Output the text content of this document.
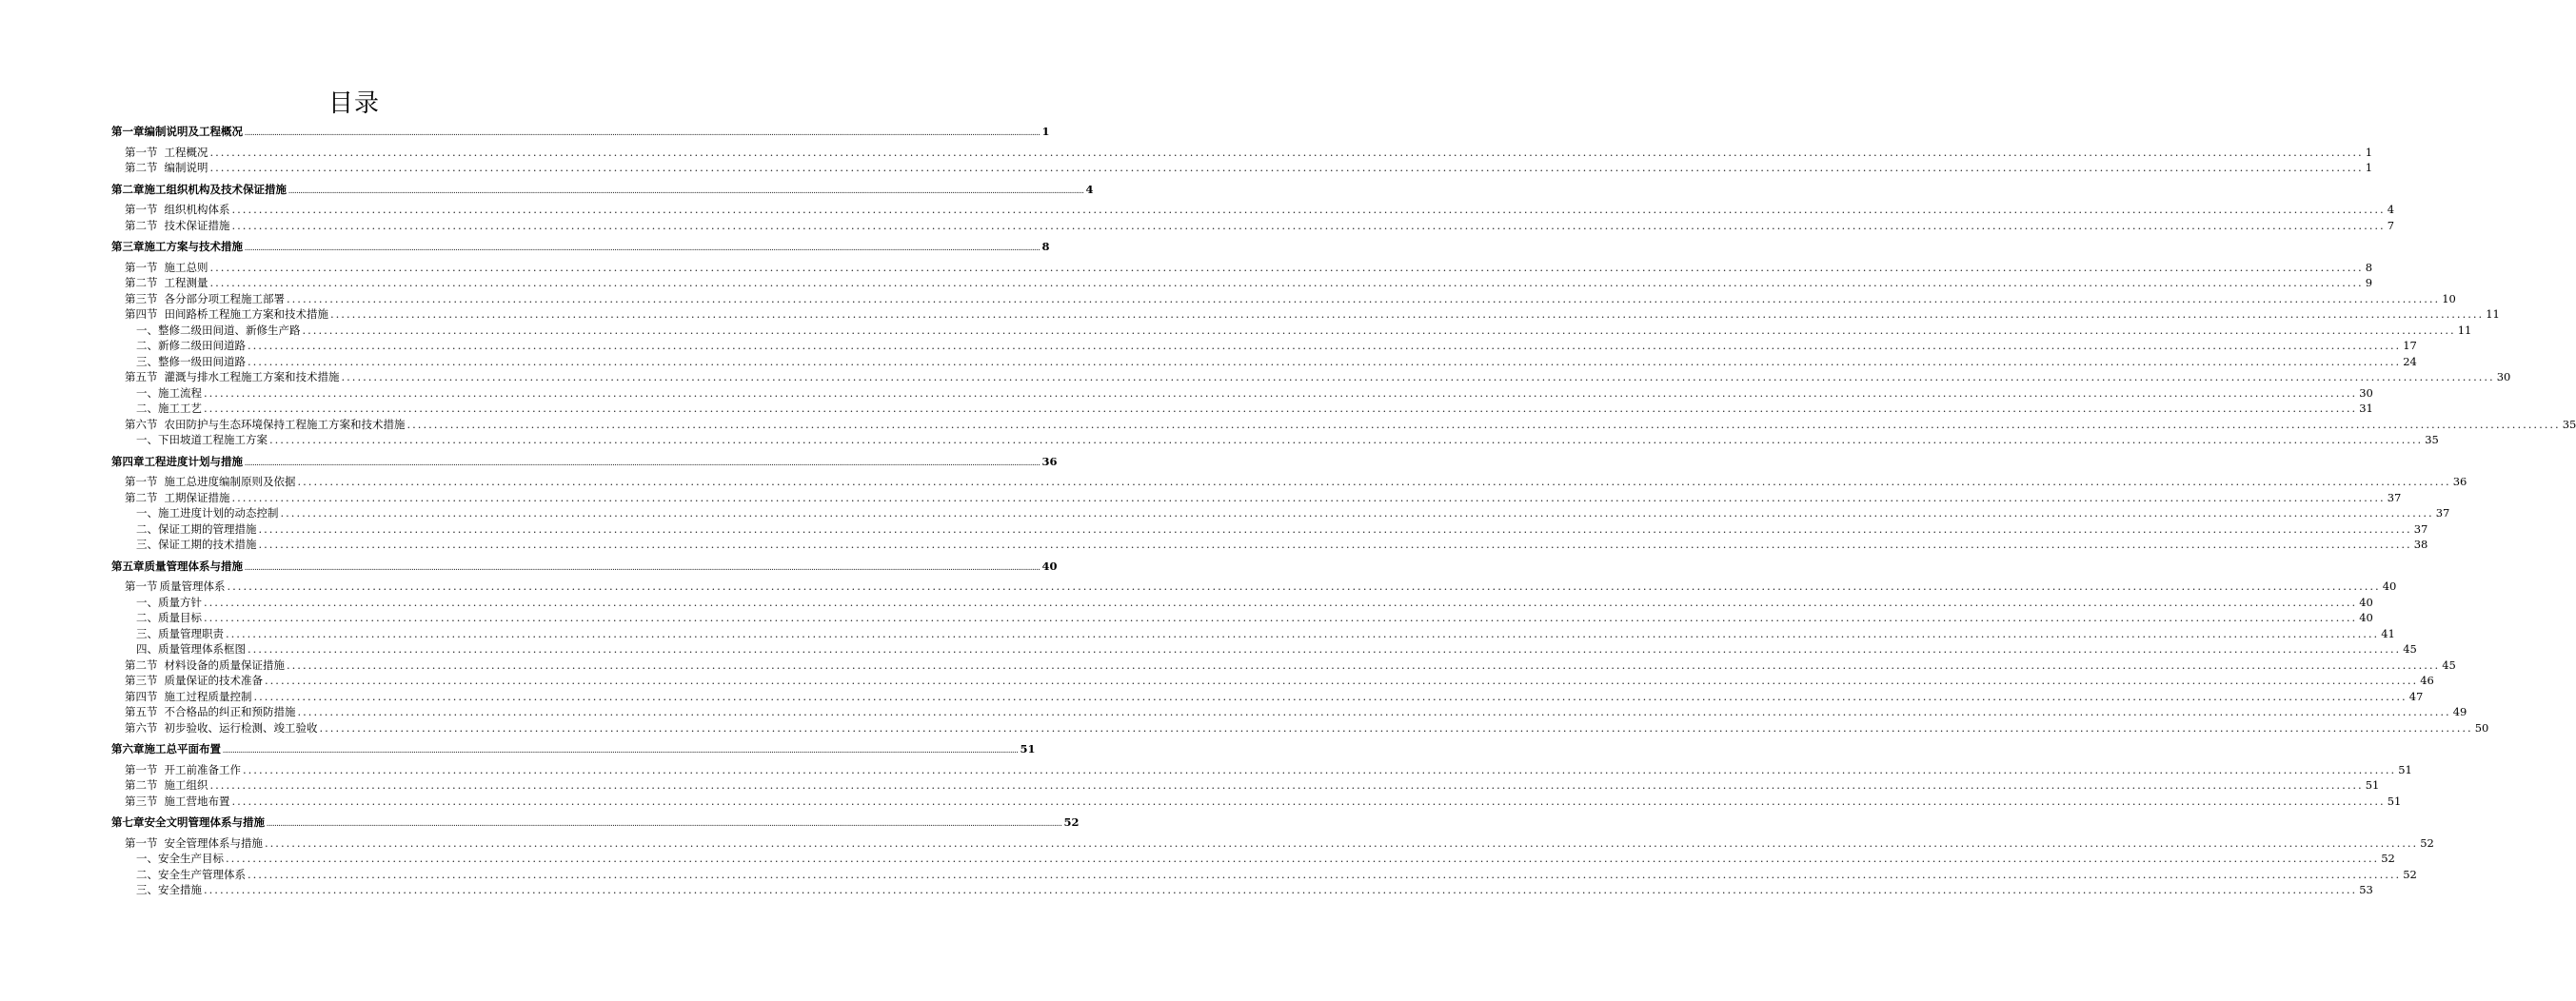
目录
第一章 编制说明及工程概况 ................................................................................................................................................................................................................................................................................................................................................................................................................ 1
第一节 工程概况 ................................................................................................................................................................................................................................................................................................................................................................................................................ 1
第二节 编制说明 ................................................................................................................................................................................................................................................................................................................................................................................................................ 1
第二章 施工组织机构及技术保证措施 ................................................................................................................................................................................................................................................................................................................................................................................................................ 4
第一节 组织机构体系 ................................................................................................................................................................................................................................................................................................................................................................................................................ 4
第二节 技术保证措施 ................................................................................................................................................................................................................................................................................................................................................................................................................ 7
第三章 施工方案与技术措施 ................................................................................................................................................................................................................................................................................................................................................................................................................ 8
第一节 施工总则 ................................................................................................................................................................................................................................................................................................................................................................................................................ 8
第二节 工程测量 ................................................................................................................................................................................................................................................................................................................................................................................................................ 9
第三节 各分部分项工程施工部署 ................................................................................................................................................................................................................................................................................................................................................................................................................ 10
第四节 田间路桥工程施工方案和技术措施 ................................................................................................................................................................................................................................................................................................................................................................................................................ 11
一、整修二级田间道、新修生产路 ................................................................................................................................................................................................................................................................................................................................................................................................................ 11
二、新修二级田间道路 ................................................................................................................................................................................................................................................................................................................................................................................................................ 17
三、整修一级田间道路 ................................................................................................................................................................................................................................................................................................................................................................................................................ 24
第五节 灌溉与排水工程施工方案和技术措施 ................................................................................................................................................................................................................................................................................................................................................................................................................ 30
一、施工流程 ................................................................................................................................................................................................................................................................................................................................................................................................................ 30
二、施工工艺 ................................................................................................................................................................................................................................................................................................................................................................................................................ 31
第六节 农田防护与生态环境保持工程施工方案和技术措施 ................................................................................................................................................................................................................................................................................................................................................................................................................ 35
一、下田坡道工程施工方案 ................................................................................................................................................................................................................................................................................................................................................................................................................ 35
第四章 工程进度计划与措施 ................................................................................................................................................................................................................................................................................................................................................................................................................ 36
第一节 施工总进度编制原则及依据 ................................................................................................................................................................................................................................................................................................................................................................................................................ 36
第二节 工期保证措施 ................................................................................................................................................................................................................................................................................................................................................................................................................ 37
一、施工进度计划的动态控制 ................................................................................................................................................................................................................................................................................................................................................................................................................ 37
二、保证工期的管理措施 ................................................................................................................................................................................................................................................................................................................................................................................................................ 37
三、保证工期的技术措施 ................................................................................................................................................................................................................................................................................................................................................................................................................ 38
第五章 质量管理体系与措施 ................................................................................................................................................................................................................................................................................................................................................................................................................ 40
第一节 质量管理体系 ................................................................................................................................................................................................................................................................................................................................................................................................................ 40
一、质量方针 ................................................................................................................................................................................................................................................................................................................................................................................................................ 40
二、质量目标 ................................................................................................................................................................................................................................................................................................................................................................................................................ 40
三、质量管理职责 ................................................................................................................................................................................................................................................................................................................................................................................................................ 41
四、质量管理体系框图 ................................................................................................................................................................................................................................................................................................................................................................................................................ 45
第二节 材料设备的质量保证措施 ................................................................................................................................................................................................................................................................................................................................................................................................................ 45
第三节 质量保证的技术准备 ................................................................................................................................................................................................................................................................................................................................................................................................................ 46
第四节 施工过程质量控制 ................................................................................................................................................................................................................................................................................................................................................................................................................ 47
第五节 不合格品的纠正和预防措施 ................................................................................................................................................................................................................................................................................................................................................................................................................ 49
第六节 初步验收、运行检测、竣工验收 ................................................................................................................................................................................................................................................................................................................................................................................................................ 50
第六章 施工总平面布置 ................................................................................................................................................................................................................................................................................................................................................................................................................ 51
第一节 开工前准备工作 ................................................................................................................................................................................................................................................................................................................................................................................................................ 51
第二节 施工组织 ................................................................................................................................................................................................................................................................................................................................................................................................................ 51
第三节 施工营地布置 ................................................................................................................................................................................................................................................................................................................................................................................................................ 51
第七章 安全文明管理体系与措施 ................................................................................................................................................................................................................................................................................................................................................................................................................ 52
第一节 安全管理体系与措施 ................................................................................................................................................................................................................................................................................................................................................................................................................ 52
一、安全生产目标 ................................................................................................................................................................................................................................................................................................................................................................................................................ 52
二、安全生产管理体系 ................................................................................................................................................................................................................................................................................................................................................................................................................ 52
三、安全措施 ................................................................................................................................................................................................................................................................................................................................................................................................................ 53
